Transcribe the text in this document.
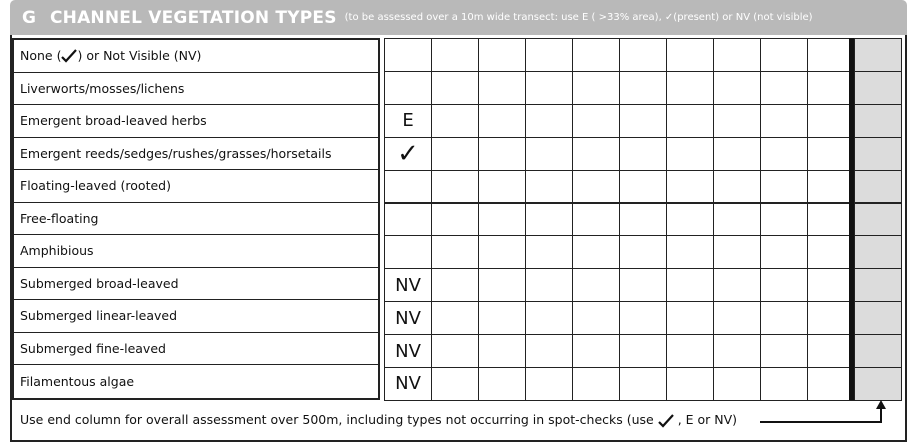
G CHANNEL VEGETATION TYPES (to be assessed over a 10m wide transect: use E ( >33% area), ✓(present) or NV (not visible)
None ( ) or Not Visible (NV)
Liverworts/mosses/lichens
Emergent broad-leaved herbs
Emergent reeds/sedges/rushes/grasses/horsetails
Floating-leaved (rooted)
Free-floating
Amphibious
Submerged broad-leaved
Submerged linear-leaved
Submerged fine-leaved
Filamentous algae
E
✓
NV
NV
NV
NV
Use end column for overall assessment over 500m, including types not occurring in spot-checks (use  , E or NV)
